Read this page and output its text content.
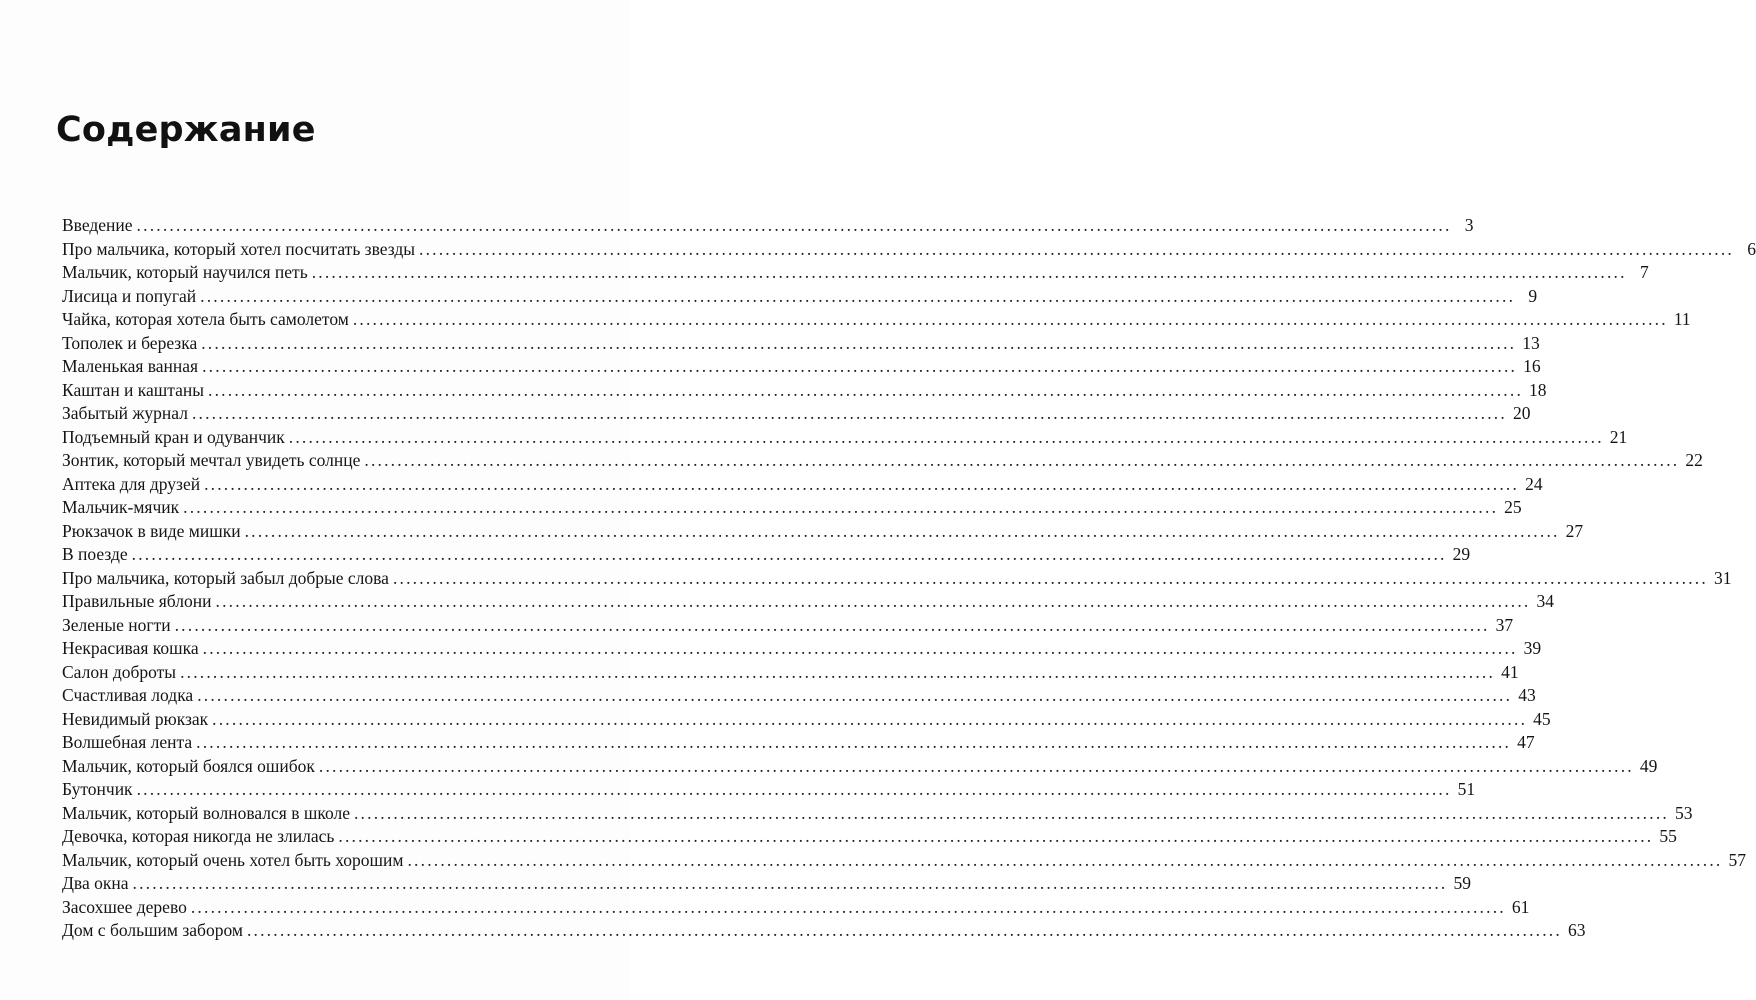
Содержание
Введение ........................................................................................................................................................................................................ 3
Про мальчика, который хотел посчитать звезды ........................................................................................................................................................................................................ 6
Мальчик, который научился петь ........................................................................................................................................................................................................ 7
Лисица и попугай ........................................................................................................................................................................................................ 9
Чайка, которая хотела быть самолетом ........................................................................................................................................................................................................ 11
Тополек и березка ........................................................................................................................................................................................................ 13
Маленькая ванная ........................................................................................................................................................................................................ 16
Каштан и каштаны ........................................................................................................................................................................................................ 18
Забытый журнал ........................................................................................................................................................................................................ 20
Подъемный кран и одуванчик ........................................................................................................................................................................................................ 21
Зонтик, который мечтал увидеть солнце ........................................................................................................................................................................................................ 22
Аптека для друзей ........................................................................................................................................................................................................ 24
Мальчик-мячик ........................................................................................................................................................................................................ 25
Рюкзачок в виде мишки ........................................................................................................................................................................................................ 27
В поезде ........................................................................................................................................................................................................ 29
Про мальчика, который забыл добрые слова ........................................................................................................................................................................................................ 31
Правильные яблони ........................................................................................................................................................................................................ 34
Зеленые ногти ........................................................................................................................................................................................................ 37
Некрасивая кошка ........................................................................................................................................................................................................ 39
Салон доброты ........................................................................................................................................................................................................ 41
Счастливая лодка ........................................................................................................................................................................................................ 43
Невидимый рюкзак ........................................................................................................................................................................................................ 45
Волшебная лента ........................................................................................................................................................................................................ 47
Мальчик, который боялся ошибок ........................................................................................................................................................................................................ 49
Бутончик ........................................................................................................................................................................................................ 51
Мальчик, который волновался в школе ........................................................................................................................................................................................................ 53
Девочка, которая никогда не злилась ........................................................................................................................................................................................................ 55
Мальчик, который очень хотел быть хорошим ........................................................................................................................................................................................................ 57
Два окна ........................................................................................................................................................................................................ 59
Засохшее дерево ........................................................................................................................................................................................................ 61
Дом с большим забором ........................................................................................................................................................................................................ 63
